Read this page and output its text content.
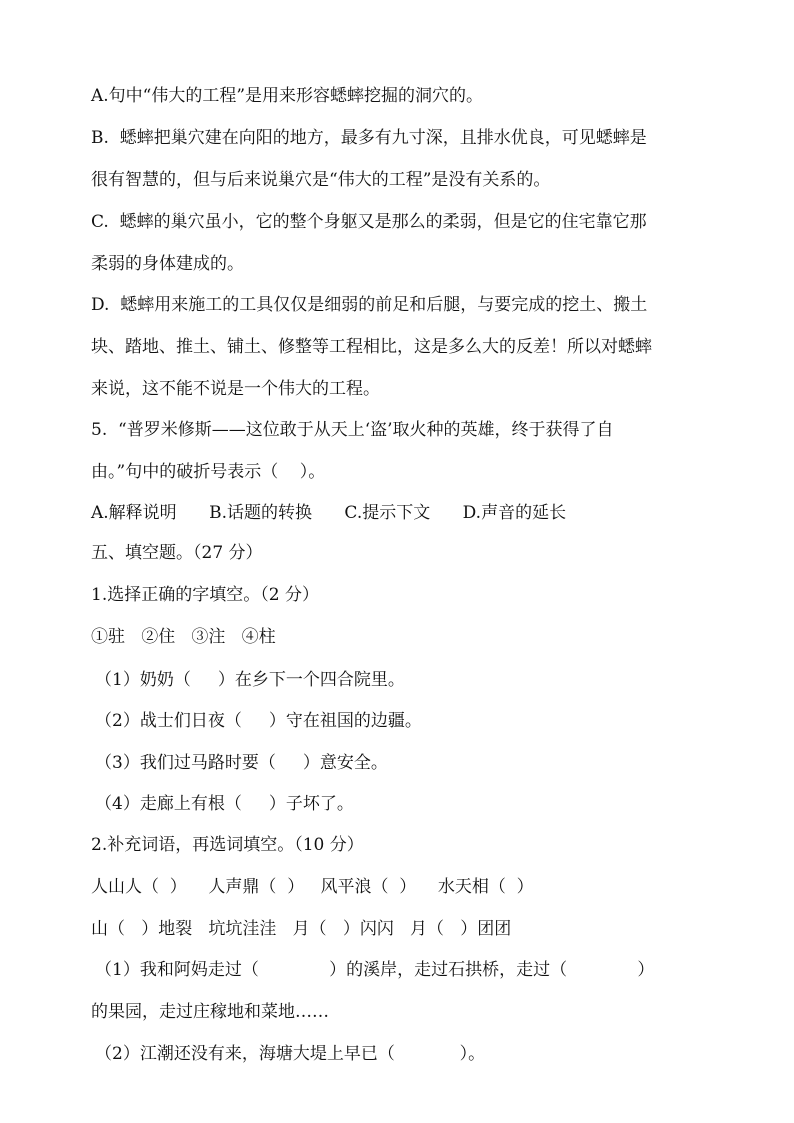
A.句中“伟大的工程”是用来形容蟋蟀挖掘的洞穴的。
B.  蟋蟀把巢穴建在向阳的地方，最多有九寸深，且排水优良，可见蟋蟀是
很有智慧的，但与后来说巢穴是“伟大的工程”是没有关系的。
C.  蟋蟀的巢穴虽小，它的整个身躯又是那么的柔弱，但是它的住宅靠它那
柔弱的身体建成的。
D.  蟋蟀用来施工的工具仅仅是细弱的前足和后腿，与要完成的挖土、搬土
块、踏地、推土、铺土、修整等工程相比，这是多么大的反差！所以对蟋蟀
来说，这不能不说是一个伟大的工程。
5.  “普罗米修斯——这位敢于从天上‘盗’取火种的英雄，终于获得了自
由。”句中的破折号表示（    ）。
A.解释说明      B.话题的转换      C.提示下文      D.声音的延长
五、填空题。（27 分）
1.选择正确的字填空。（2 分）
①驻   ②住   ③注   ④柱
（1）奶奶（     ）在乡下一个四合院里。
（2）战士们日夜（     ）守在祖国的边疆。
（3）我们过马路时要（     ）意安全。
（4）走廊上有根（     ）子坏了。
2.补充词语，再选词填空。（10 分）
人山人（  ）    人声鼎（  ）   风平浪（  ）    水天相（  ）
山（   ）地裂   坑坑洼洼   月（   ）闪闪   月（   ）团团
（1）我和阿妈走过（             ）的溪岸，走过石拱桥，走过（             ）
的果园，走过庄稼地和菜地……
（2）江潮还没有来，海塘大堤上早已（            ）。
